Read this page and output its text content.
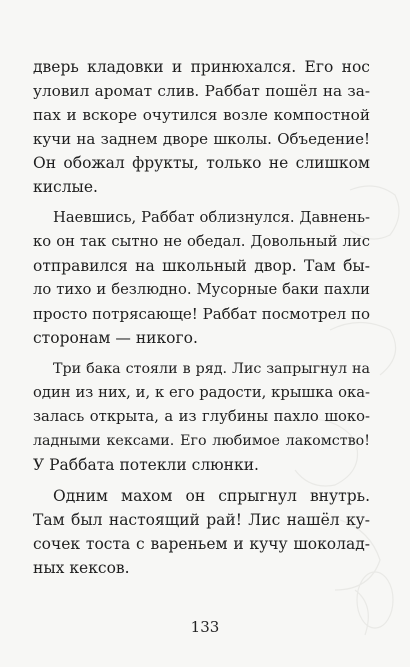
дверь кладовки и принюхался. Его нос
уловил аромат слив. Раббат пошёл на за-
пах и вскоре очутился возле компостной
кучи на заднем дворе школы. Объедение!
Он обожал фрукты, только не слишком
кислые.
Наевшись, Раббат облизнулся. Давнень-
ко он так сытно не обедал. Довольный лис
отправился на школьный двор. Там бы-
ло тихо и безлюдно. Мусорные баки пахли
просто потрясающе! Раббат посмотрел по
сторонам — никого.
Три бака стояли в ряд. Лис запрыгнул на
один из них, и, к его радости, крышка ока-
залась открыта, а из глубины пахло шоко-
ладными кексами. Его любимое лакомство!
У Раббата потекли слюнки.
Одним махом он спрыгнул внутрь.
Там был настоящий рай! Лис нашёл ку-
сочек тоста с вареньем и кучу шоколад-
ных кексов.
133
